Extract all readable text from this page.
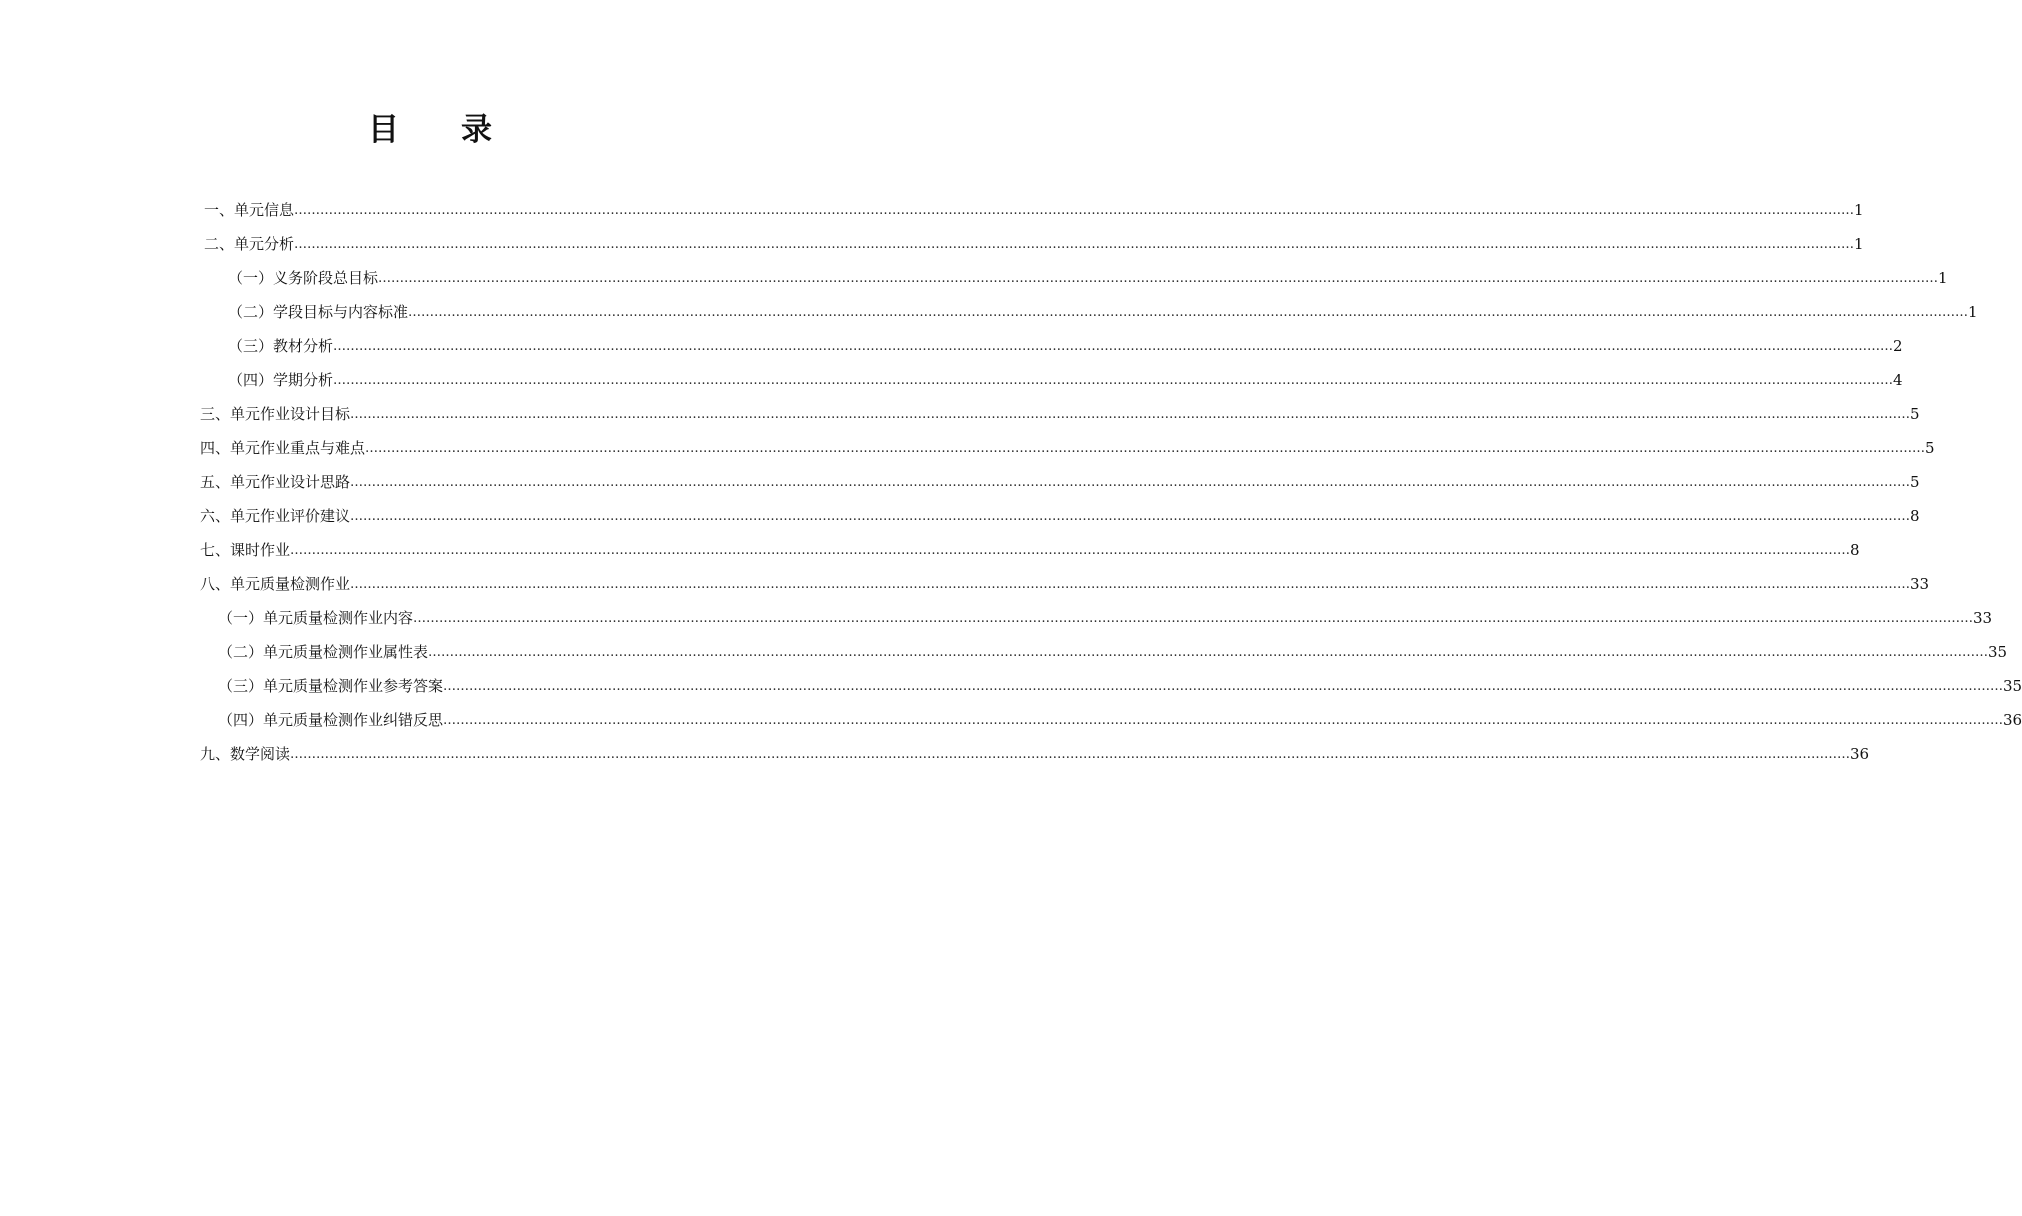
目 录
一、单元信息 ……………………………………………………………………………………………………………………………………………………………………………………………………………………………………………………………………………………………………………………………… 1
二、单元分析 ……………………………………………………………………………………………………………………………………………………………………………………………………………………………………………………………………………………………………………………………… 1
（一）义务阶段总目标 ……………………………………………………………………………………………………………………………………………………………………………………………………………………………………………………………………………………………………………………………… 1
（二）学段目标与内容标准 ……………………………………………………………………………………………………………………………………………………………………………………………………………………………………………………………………………………………………………………………… 1
（三）教材分析 ……………………………………………………………………………………………………………………………………………………………………………………………………………………………………………………………………………………………………………………………… 2
（四）学期分析 ……………………………………………………………………………………………………………………………………………………………………………………………………………………………………………………………………………………………………………………………… 4
三、单元作业设计目标 ……………………………………………………………………………………………………………………………………………………………………………………………………………………………………………………………………………………………………………………………… 5
四、单元作业重点与难点 ……………………………………………………………………………………………………………………………………………………………………………………………………………………………………………………………………………………………………………………………… 5
五、单元作业设计思路 ……………………………………………………………………………………………………………………………………………………………………………………………………………………………………………………………………………………………………………………………… 5
六、单元作业评价建议 ……………………………………………………………………………………………………………………………………………………………………………………………………………………………………………………………………………………………………………………………… 8
七、课时作业 ……………………………………………………………………………………………………………………………………………………………………………………………………………………………………………………………………………………………………………………………… 8
八、单元质量检测作业 ……………………………………………………………………………………………………………………………………………………………………………………………………………………………………………………………………………………………………………………………… 33
（一）单元质量检测作业内容 ……………………………………………………………………………………………………………………………………………………………………………………………………………………………………………………………………………………………………………………………… 33
（二）单元质量检测作业属性表 ……………………………………………………………………………………………………………………………………………………………………………………………………………………………………………………………………………………………………………………………… 35
（三）单元质量检测作业参考答案 ……………………………………………………………………………………………………………………………………………………………………………………………………………………………………………………………………………………………………………………………… 35
（四）单元质量检测作业纠错反思 ……………………………………………………………………………………………………………………………………………………………………………………………………………………………………………………………………………………………………………………………… 36
九、数学阅读 ……………………………………………………………………………………………………………………………………………………………………………………………………………………………………………………………………………………………………………………………… 36
